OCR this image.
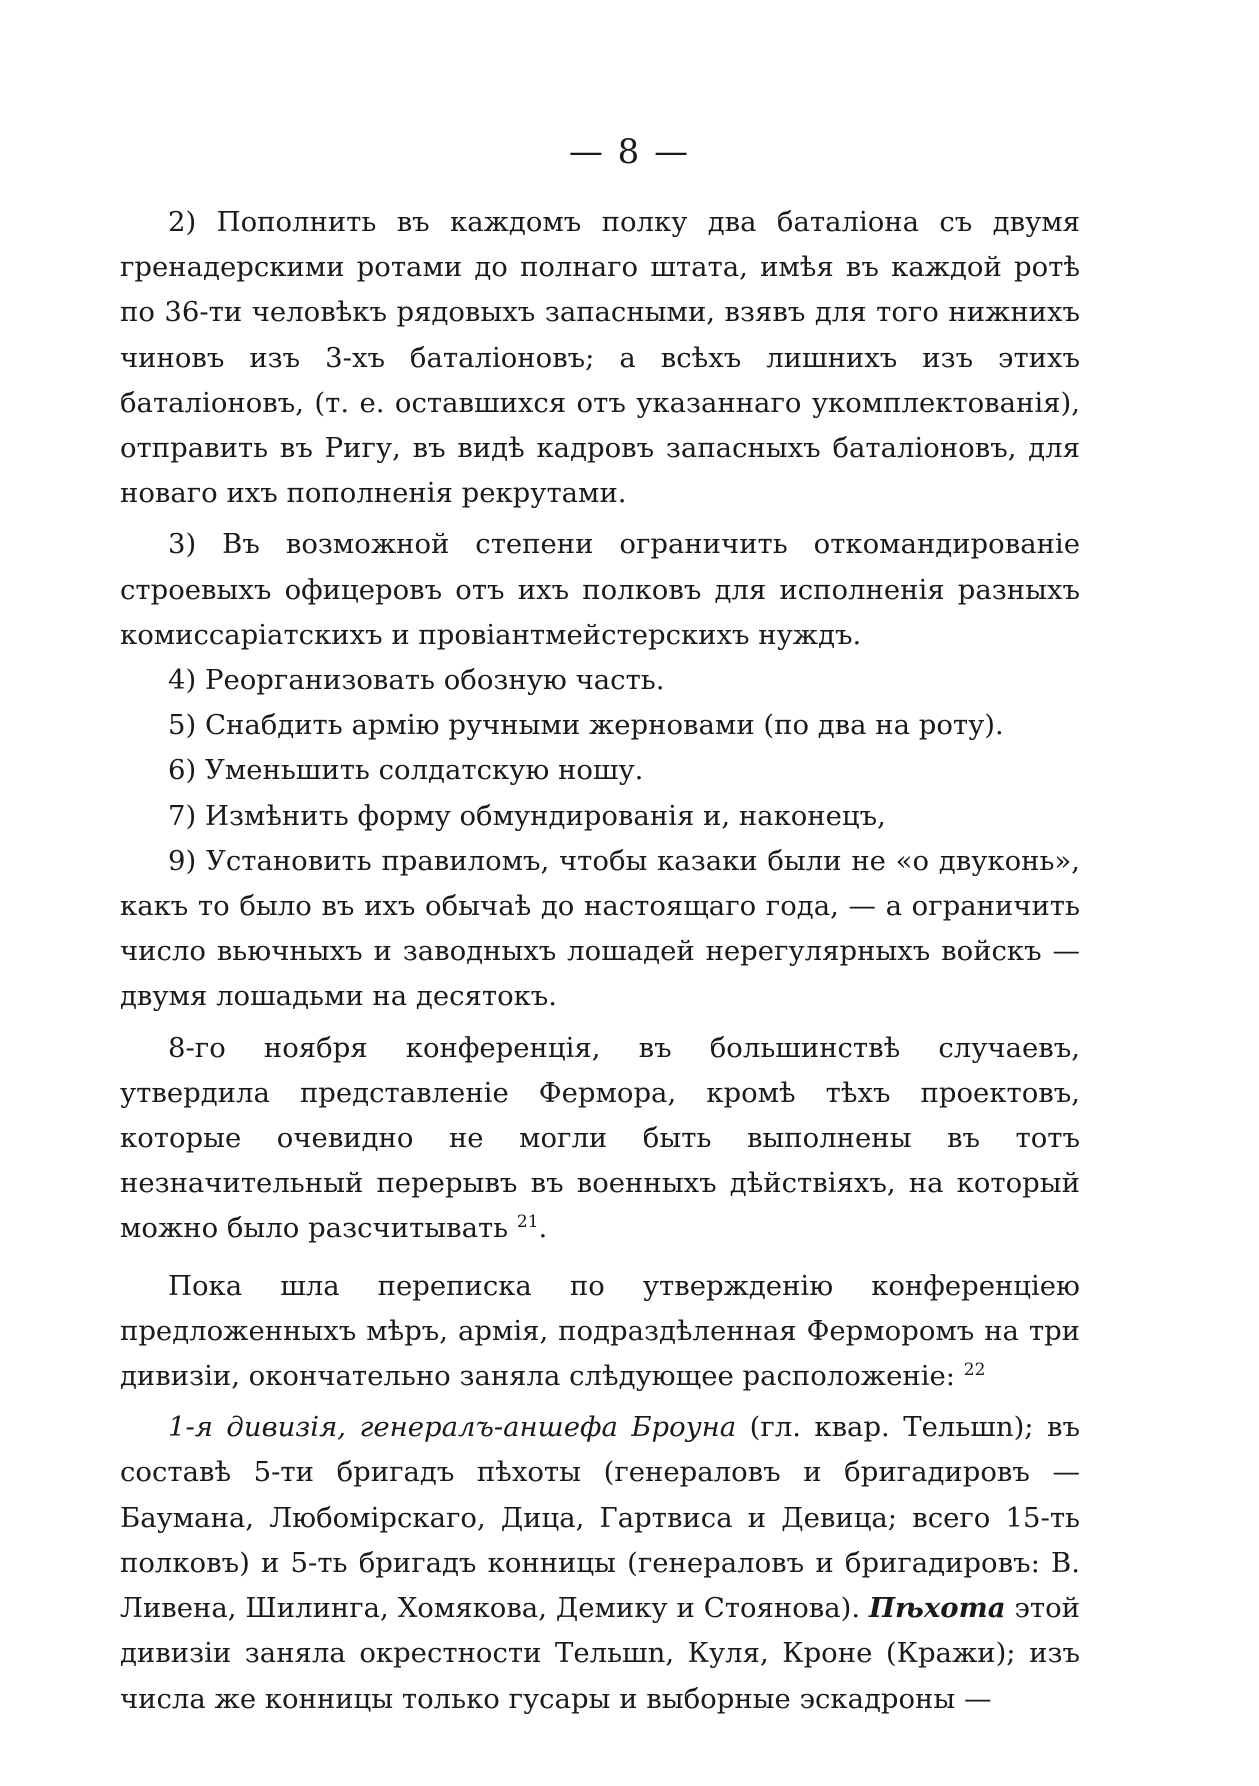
— 8 —

2) Пополнить въ каждомъ полку два баталіона съ двумя гренадерскими ротами до полнаго штата, имѣя въ каждой ротѣ по 36-ти человѣкъ рядовыхъ запасными, взявъ для того нижнихъ чиновъ изъ 3-хъ баталіоновъ; а всѣхъ лишнихъ изъ этихъ баталіоновъ, (т. е. оставшихся отъ указаннаго укомплектованія), отправить въ Ригу, въ видѣ кадровъ запасныхъ баталіоновъ, для новаго ихъ пополненія рекрутами.

3) Въ возможной степени ограничить откомандированіе строевыхъ офицеровъ отъ ихъ полковъ для исполненія разныхъ комиссаріатскихъ и провіантмейстерскихъ нуждъ.

4) Реорганизовать обозную часть.

5) Снабдить армію ручными жерновами (по два на роту).

6) Уменьшить солдатскую ношу.

7) Измѣнить форму обмундированія и, наконецъ,

9) Установить правиломъ, чтобы казаки были не «о двуконь», какъ то было въ ихъ обычаѣ до настоящаго года, — а ограничить число вьючныхъ и заводныхъ лошадей нерегулярныхъ войскъ — двумя лошадьми на десятокъ.

8-го ноября конференція, въ большинствѣ случаевъ, утвердила представленіе Фермора, кромѣ тѣхъ проектовъ, которые очевидно не могли быть выполнены въ тотъ незначительный перерывъ въ военныхъ дѣйствіяхъ, на который можно было разсчитывать $^{21}$.

Пока шла переписка по утвержденію конференціею предложенныхъ мѣръ, армія, подраздѣленная Ферморомъ на три дивизіи, окончательно заняла слѣдующее расположеніе: $^{22}$

1-я дивизія, генералъ-аншефа Броуна (гл. квар. Тельшn); въ составѣ 5-ти бригадъ пѣхоты (генераловъ и бригадировъ — Баумана, Любомірскаго, Дица, Гартвиса и Девица; всего 15-ть полковъ) и 5-ть бригадъ конницы (генераловъ и бригадировъ: В. Ливена, Шилинга, Хомякова, Демику и Стоянова). Пѣхота этой дивизіи заняла окрестности Тельшn, Куля, Кроне (Кражи); изъ числа же конницы только гусары и выборные эскадроны —
